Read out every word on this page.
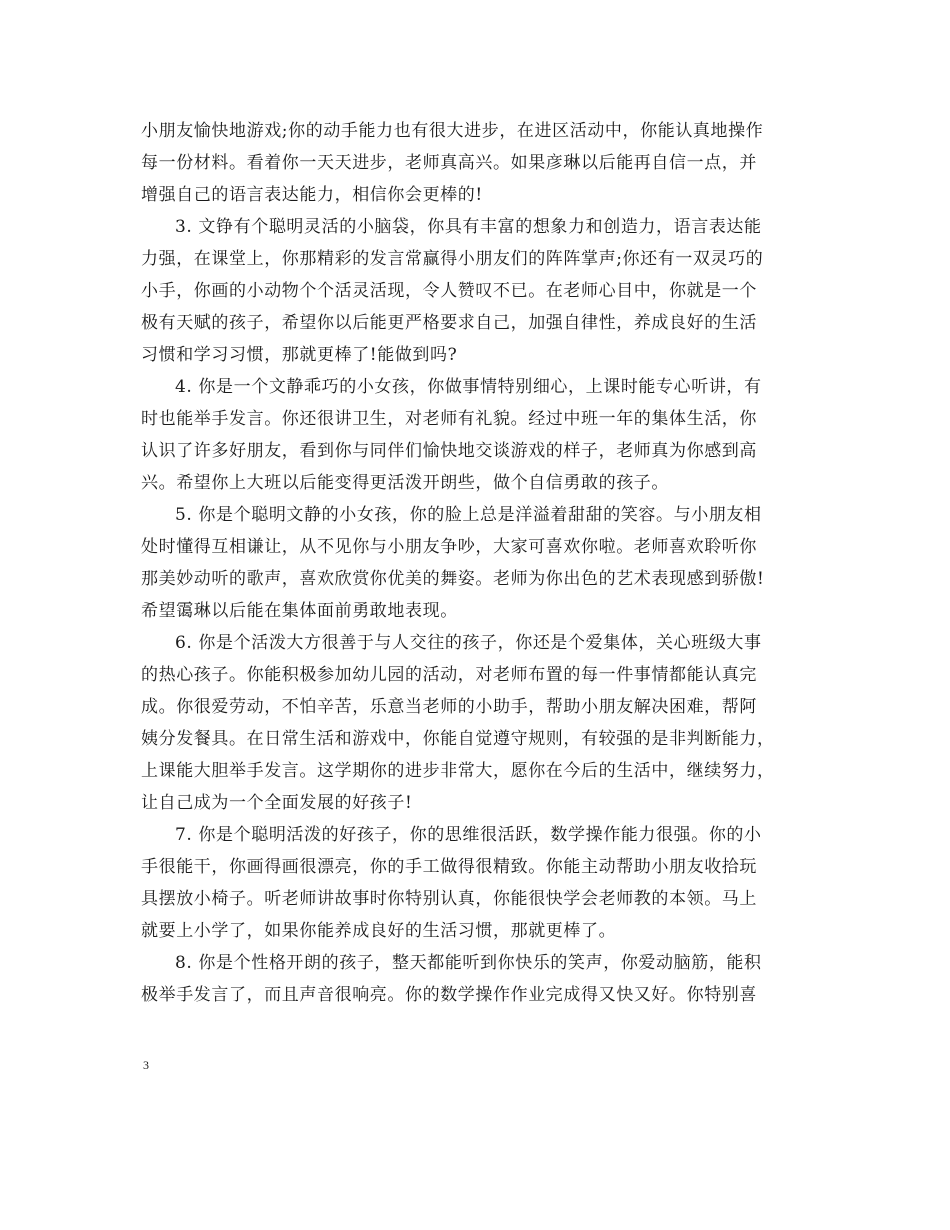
小朋友愉快地游戏;你的动手能力也有很大进步，在进区活动中，你能认真地操作
每一份材料。看着你一天天进步，老师真高兴。如果彦琳以后能再自信一点，并
增强自己的语言表达能力，相信你会更棒的!
3. 文铮有个聪明灵活的小脑袋，你具有丰富的想象力和创造力，语言表达能
力强，在课堂上，你那精彩的发言常赢得小朋友们的阵阵掌声;你还有一双灵巧的
小手，你画的小动物个个活灵活现，令人赞叹不已。在老师心目中，你就是一个
极有天赋的孩子，希望你以后能更严格要求自己，加强自律性，养成良好的生活
习惯和学习习惯，那就更棒了!能做到吗?
4. 你是一个文静乖巧的小女孩，你做事情特别细心，上课时能专心听讲，有
时也能举手发言。你还很讲卫生，对老师有礼貌。经过中班一年的集体生活，你
认识了许多好朋友，看到你与同伴们愉快地交谈游戏的样子，老师真为你感到高
兴。希望你上大班以后能变得更活泼开朗些，做个自信勇敢的孩子。
5. 你是个聪明文静的小女孩，你的脸上总是洋溢着甜甜的笑容。与小朋友相
处时懂得互相谦让，从不见你与小朋友争吵，大家可喜欢你啦。老师喜欢聆听你
那美妙动听的歌声，喜欢欣赏你优美的舞姿。老师为你出色的艺术表现感到骄傲!
希望霭琳以后能在集体面前勇敢地表现。
6. 你是个活泼大方很善于与人交往的孩子，你还是个爱集体，关心班级大事
的热心孩子。你能积极参加幼儿园的活动，对老师布置的每一件事情都能认真完
成。你很爱劳动，不怕辛苦，乐意当老师的小助手，帮助小朋友解决困难，帮阿
姨分发餐具。在日常生活和游戏中，你能自觉遵守规则，有较强的是非判断能力，
上课能大胆举手发言。这学期你的进步非常大，愿你在今后的生活中，继续努力，
让自己成为一个全面发展的好孩子!
7. 你是个聪明活泼的好孩子，你的思维很活跃，数学操作能力很强。你的小
手很能干，你画得画很漂亮，你的手工做得很精致。你能主动帮助小朋友收拾玩
具摆放小椅子。听老师讲故事时你特别认真，你能很快学会老师教的本领。马上
就要上小学了，如果你能养成良好的生活习惯，那就更棒了。
8. 你是个性格开朗的孩子，整天都能听到你快乐的笑声，你爱动脑筋，能积
极举手发言了，而且声音很响亮。你的数学操作作业完成得又快又好。你特别喜
3
